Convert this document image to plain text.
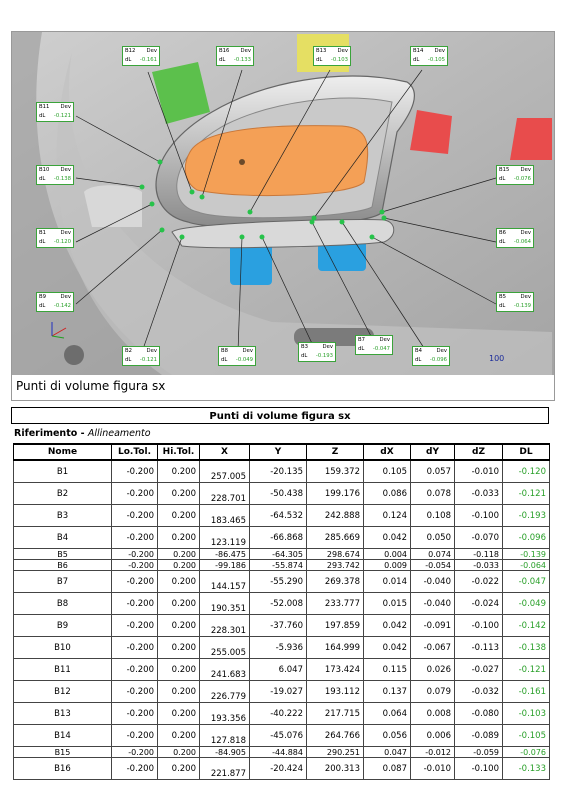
B12 Dev
dL -0.161
B16 Dev
dL -0.133
B13 Dev
dL -0.103
B14 Dev
dL -0.105
B11 Dev
dL -0.121
B10 Dev
dL -0.138
B15 Dev
dL -0.076
B1	Dev
dL -0.120
B6	Dev
dL -0.064
B9	Dev
dL -0.142
B5	Dev
dL -0.139
B2	Dev
dL -0.121
B8	Dev
dL -0.049
B3	Dev
dL -0.193
B7	Dev
dL -0.047	B4	Dev
dL -0.096	100
Punti di volume figura sx
Punti di volume figura sx
Riferimento - Allineamento
Nome	Lo.Tol.	Hi.Tol.	X	Y	Z	dX	dY	dZ	DL
B1	-0.200	0.200	257.005	-20.135	159.372	0.105	0.057	-0.010	-0.120
B2	-0.200	0.200	228.701	-50.438	199.176	0.086	0.078	-0.033	-0.121
B3	-0.200	0.200	183.465	-64.532	242.888	0.124	0.108	-0.100	-0.193
B4	-0.200	0.200	123.119	-66.868	285.669	0.042	0.050	-0.070	-0.096
B5	-0.200	0.200	-86.475	-64.305	298.674	0.004	0.074	-0.118	-0.139
B6	-0.200	0.200	-99.186	-55.874	293.742	0.009	-0.054	-0.033	-0.064
B7	-0.200	0.200	144.157	-55.290	269.378	0.014	-0.040	-0.022	-0.047
B8	-0.200	0.200	190.351	-52.008	233.777	0.015	-0.040	-0.024	-0.049
B9	-0.200	0.200	228.301	-37.760	197.859	0.042	-0.091	-0.100	-0.142
B10	-0.200	0.200	255.005	-5.936	164.999	0.042	-0.067	-0.113	-0.138
B11	-0.200	0.200	241.683	6.047	173.424	0.115	0.026	-0.027	-0.121
B12	-0.200	0.200	226.779	-19.027	193.112	0.137	0.079	-0.032	-0.161
B13	-0.200	0.200	193.356	-40.222	217.715	0.064	0.008	-0.080	-0.103
B14	-0.200	0.200	127.818	-45.076	264.766	0.056	0.006	-0.089	-0.105
B15	-0.200	0.200	-84.905	-44.884	290.251	0.047	-0.012	-0.059	-0.076
B16	-0.200	0.200	221.877	-20.424	200.313	0.087	-0.010	-0.100	-0.133
